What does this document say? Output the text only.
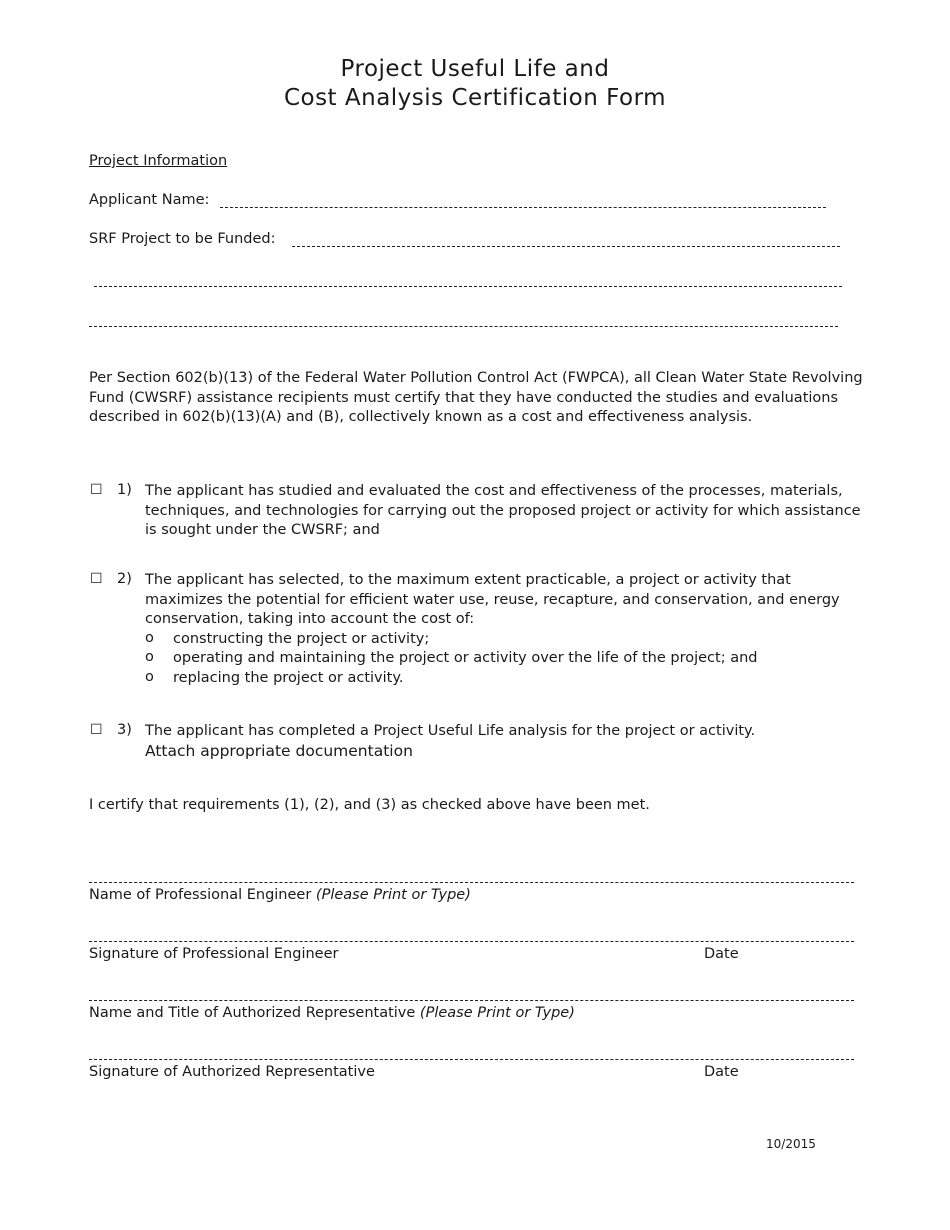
Project Useful Life and
Cost Analysis Certification Form
Project Information
Applicant Name:
SRF Project to be Funded:
Per Section 602(b)(13) of the Federal Water Pollution Control Act (FWPCA), all Clean Water State Revolving Fund (CWSRF) assistance recipients must certify that they have conducted the studies and evaluations described in 602(b)(13)(A) and (B), collectively known as a cost and effectiveness analysis.
☐ 1) The applicant has studied and evaluated the cost and effectiveness of the processes, materials, techniques, and technologies for carrying out the proposed project or activity for which assistance is sought under the CWSRF; and
☐ 2) The applicant has selected, to the maximum extent practicable, a project or activity that maximizes the potential for efficient water use, reuse, recapture, and conservation, and energy conservation, taking into account the cost of:
o constructing the project or activity;
o operating and maintaining the project or activity over the life of the project; and
o replacing the project or activity.
☐ 3) The applicant has completed a Project Useful Life analysis for the project or activity.
Attach appropriate documentation
I certify that requirements (1), (2), and (3) as checked above have been met.
Name of Professional Engineer (Please Print or Type)
Signature of Professional Engineer	Date
Name and Title of Authorized Representative (Please Print or Type)
Signature of Authorized Representative	Date
10/2015
